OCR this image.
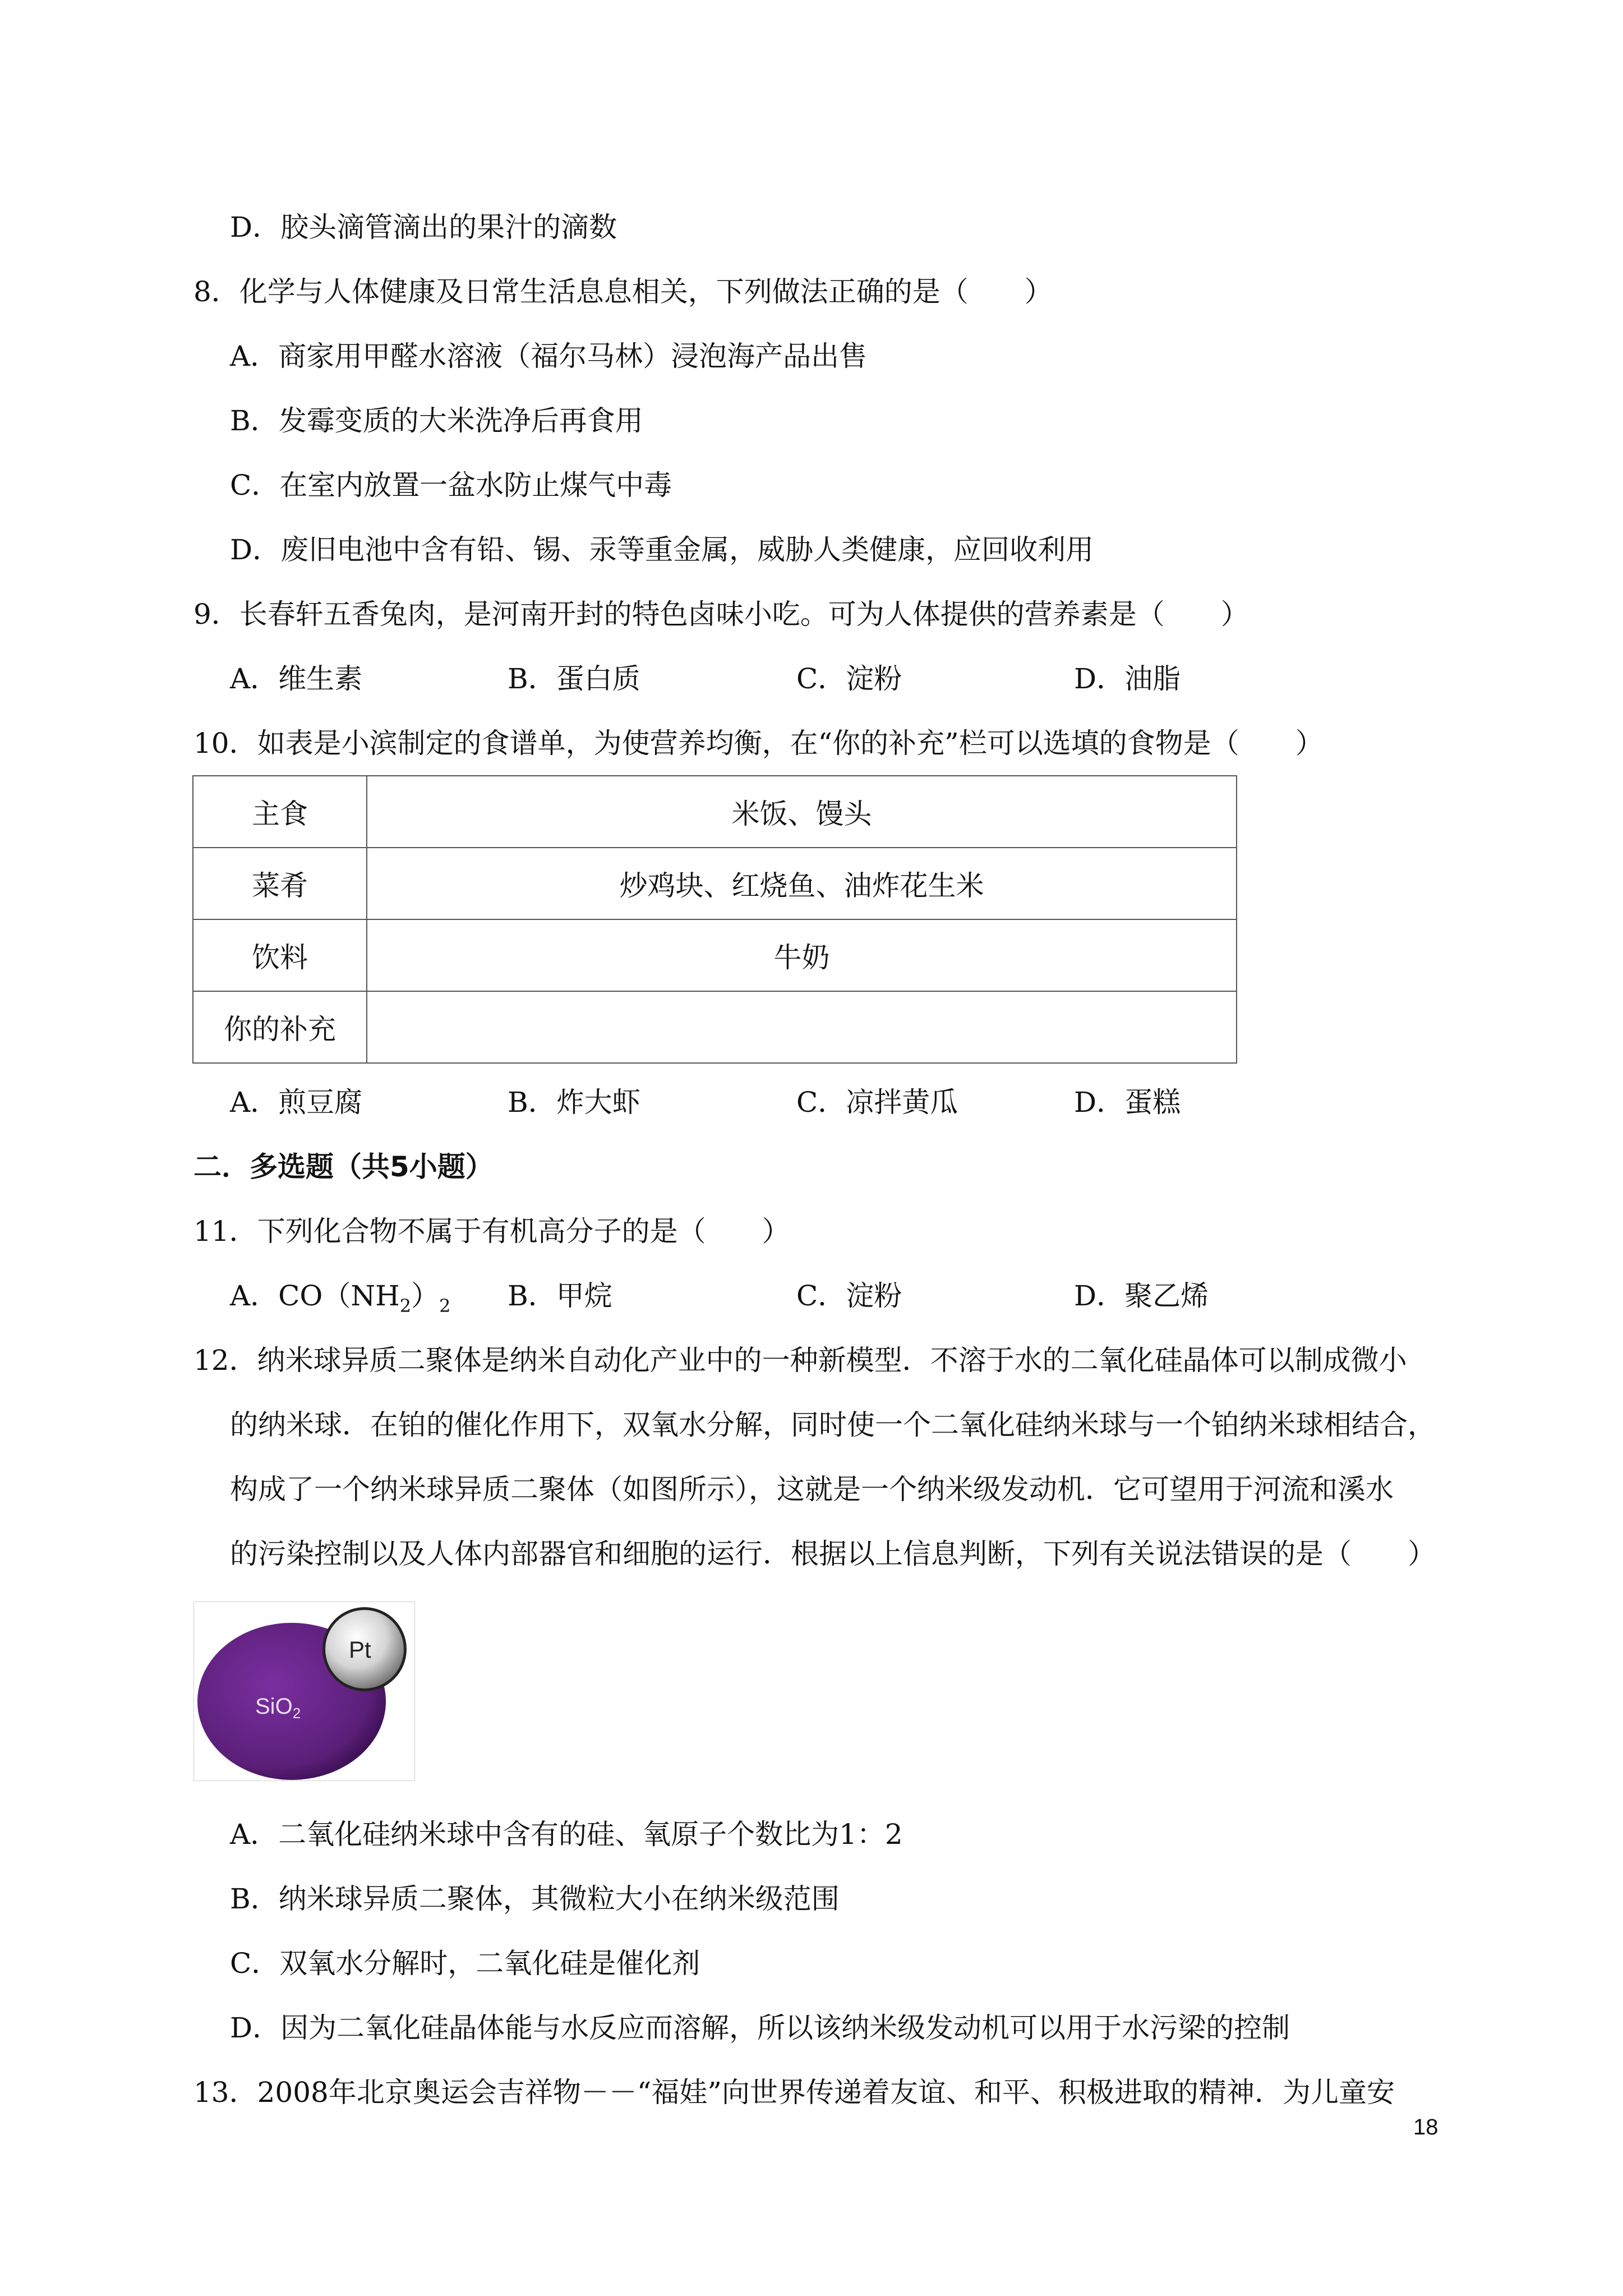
D．胶头滴管滴出的果汁的滴数
8．化学与人体健康及日常生活息息相关，下列做法正确的是（　　）
A．商家用甲醛水溶液（福尔马林）浸泡海产品出售
B．发霉变质的大米洗净后再食用
C．在室内放置一盆水防止煤气中毒
D．废旧电池中含有铅、锡、汞等重金属，威胁人类健康，应回收利用
9．长春轩五香兔肉，是河南开封的特色卤味小吃。可为人体提供的营养素是（　　）
A．维生素	B．蛋白质	C．淀粉	D．油脂
10．如表是小滨制定的食谱单，为使营养均衡，在“你的补充”栏可以选填的食物是（　　）
主食	米饭、馒头
菜肴	炒鸡块、红烧鱼、油炸花生米
饮料	牛奶
你的补充	
A．煎豆腐	B．炸大虾	C．凉拌黄瓜	D．蛋糕
二．多选题（共5小题）
11．下列化合物不属于有机高分子的是（　　）
A．$CO(NH_2)_2$ B．甲烷	C．淀粉	D．聚乙烯
12．纳米球异质二聚体是纳米自动化产业中的一种新模型．不溶于水的二氧化硅晶体可以制成微小
的纳米球．在铂的催化作用下，双氧水分解，同时使一个二氧化硅纳米球与一个铂纳米球相结合，
构成了一个纳米球异质二聚体（如图所示），这就是一个纳米级发动机．它可望用于河流和溪水
的污染控制以及人体内部器官和细胞的运行．根据以上信息判断，下列有关说法错误的是（　　）
SiO$_2$
Pt
A．二氧化硅纳米球中含有的硅、氧原子个数比为1：2
B．纳米球异质二聚体，其微粒大小在纳米级范围
C．双氧水分解时，二氧化硅是催化剂
D．因为二氧化硅晶体能与水反应而溶解，所以该纳米级发动机可以用于水污梁的控制
13．2008年北京奥运会吉祥物－－“福娃”向世界传递着友谊、和平、积极进取的精神．为儿童安
18
